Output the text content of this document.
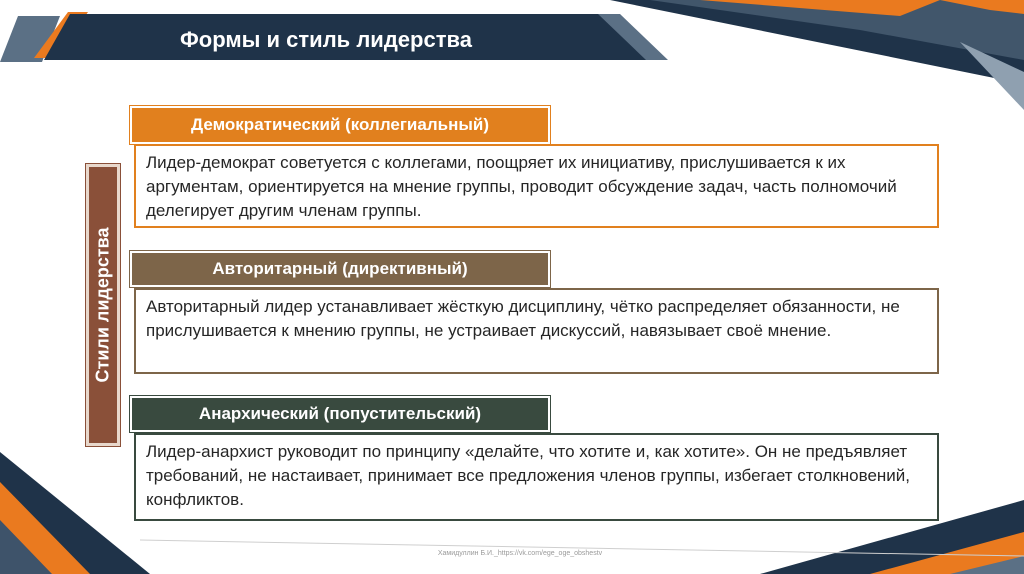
Формы и стиль лидерства
Стили лидерства
Демократический (коллегиальный)
Лидер-демократ советуется с коллегами, поощряет их инициативу, прислушивается к их аргументам, ориентируется на мнение группы, проводит обсуждение задач, часть полномочий делегирует другим членам группы.
Авторитарный (директивный)
Авторитарный лидер устанавливает жёсткую дисциплину, чётко распределяет обязанности, не прислушивается к мнению группы, не устраивает дискуссий, навязывает своё мнение.
Анархический (попустительский)
Лидер-анархист руководит по принципу «делайте, что хотите и, как хотите». Он не предъявляет требований, не настаивает, принимает все предложения членов группы, избегает столкновений, конфликтов.
Хамидуллин Б.И._https://vk.com/ege_oge_obshestv
